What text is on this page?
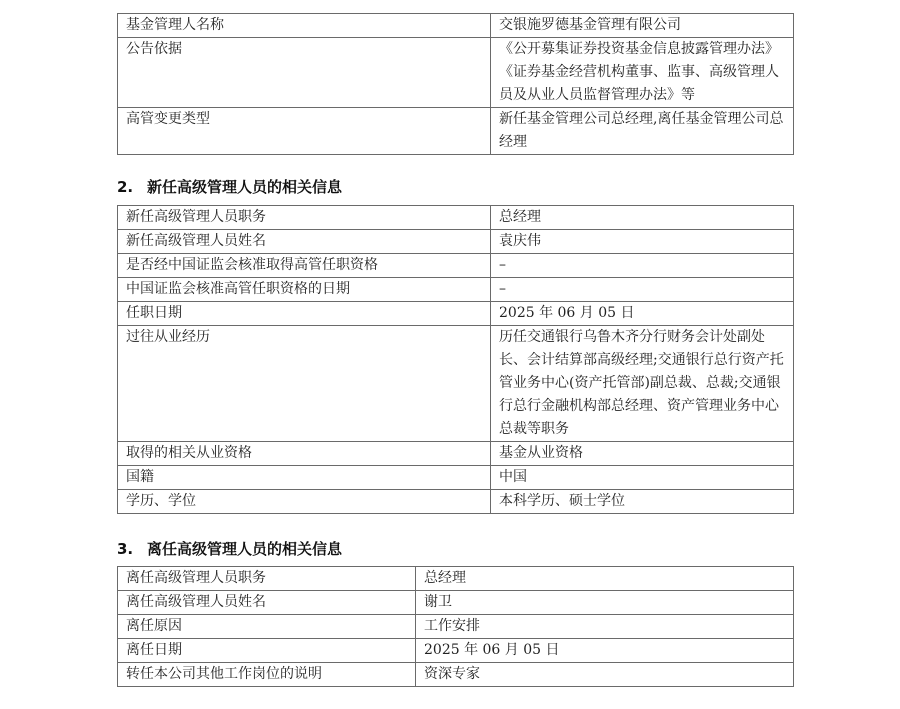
基金管理人名称	交银施罗德基金管理有限公司
公告依据	《公开募集证券投资基金信息披露管理办法》《证券基金经营机构董事、监事、高级管理人员及从业人员监督管理办法》等
高管变更类型	新任基金管理公司总经理,离任基金管理公司总经理
2. 新任高级管理人员的相关信息
新任高级管理人员职务	总经理
新任高级管理人员姓名	袁庆伟
是否经中国证监会核准取得高管任职资格	–
中国证监会核准高管任职资格的日期	–
任职日期	2025 年 06 月 05 日
过往从业经历	历任交通银行乌鲁木齐分行财务会计处副处长、会计结算部高级经理;交通银行总行资产托管业务中心(资产托管部)副总裁、总裁;交通银行总行金融机构部总经理、资产管理业务中心总裁等职务
取得的相关从业资格	基金从业资格
国籍	中国
学历、学位	本科学历、硕士学位
3. 离任高级管理人员的相关信息
离任高级管理人员职务	总经理
离任高级管理人员姓名	谢卫
离任原因	工作安排
离任日期	2025 年 06 月 05 日
转任本公司其他工作岗位的说明	资深专家
